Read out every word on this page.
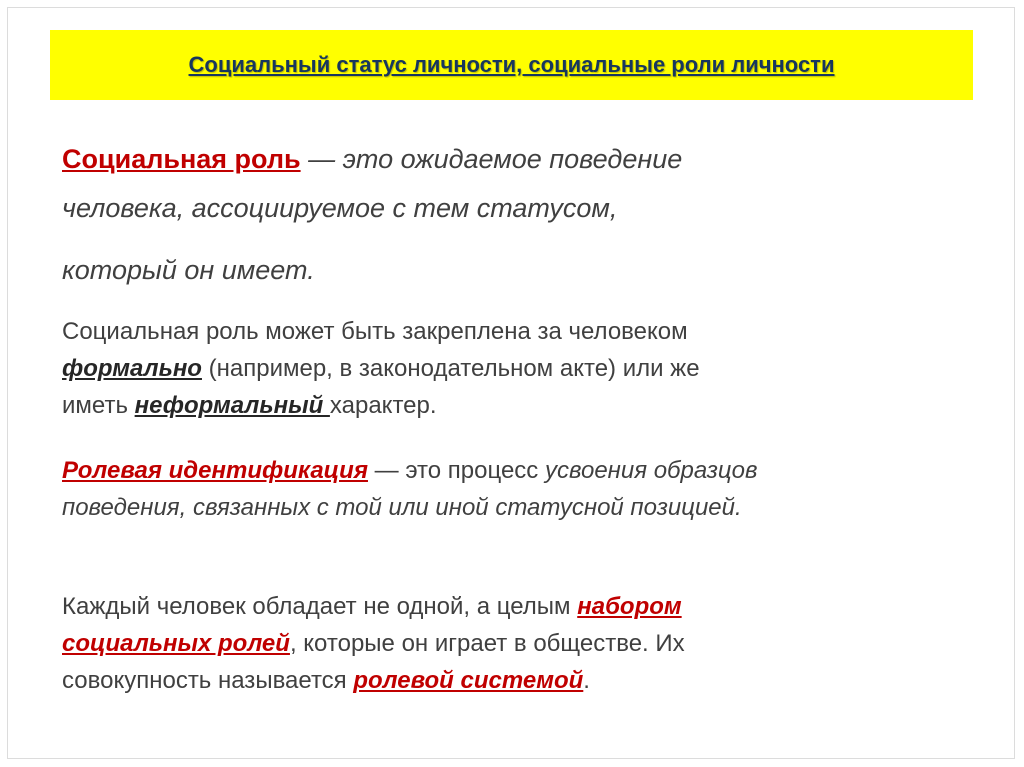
Социальный статус личности, социальные роли личности
Социальная роль — это ожидаемое поведение
человека, ассоциируемое с тем статусом,
который он имеет.
Социальная роль может быть закреплена за человеком
формально (например, в законодательном акте) или же
иметь неформальный характер.
Ролевая идентификация — это процесс усвоения образцов
поведения, связанных с той или иной статусной позицией.
Каждый человек обладает не одной, а целым набором
социальных ролей, которые он играет в обществе. Их
совокупность называется ролевой системой.
